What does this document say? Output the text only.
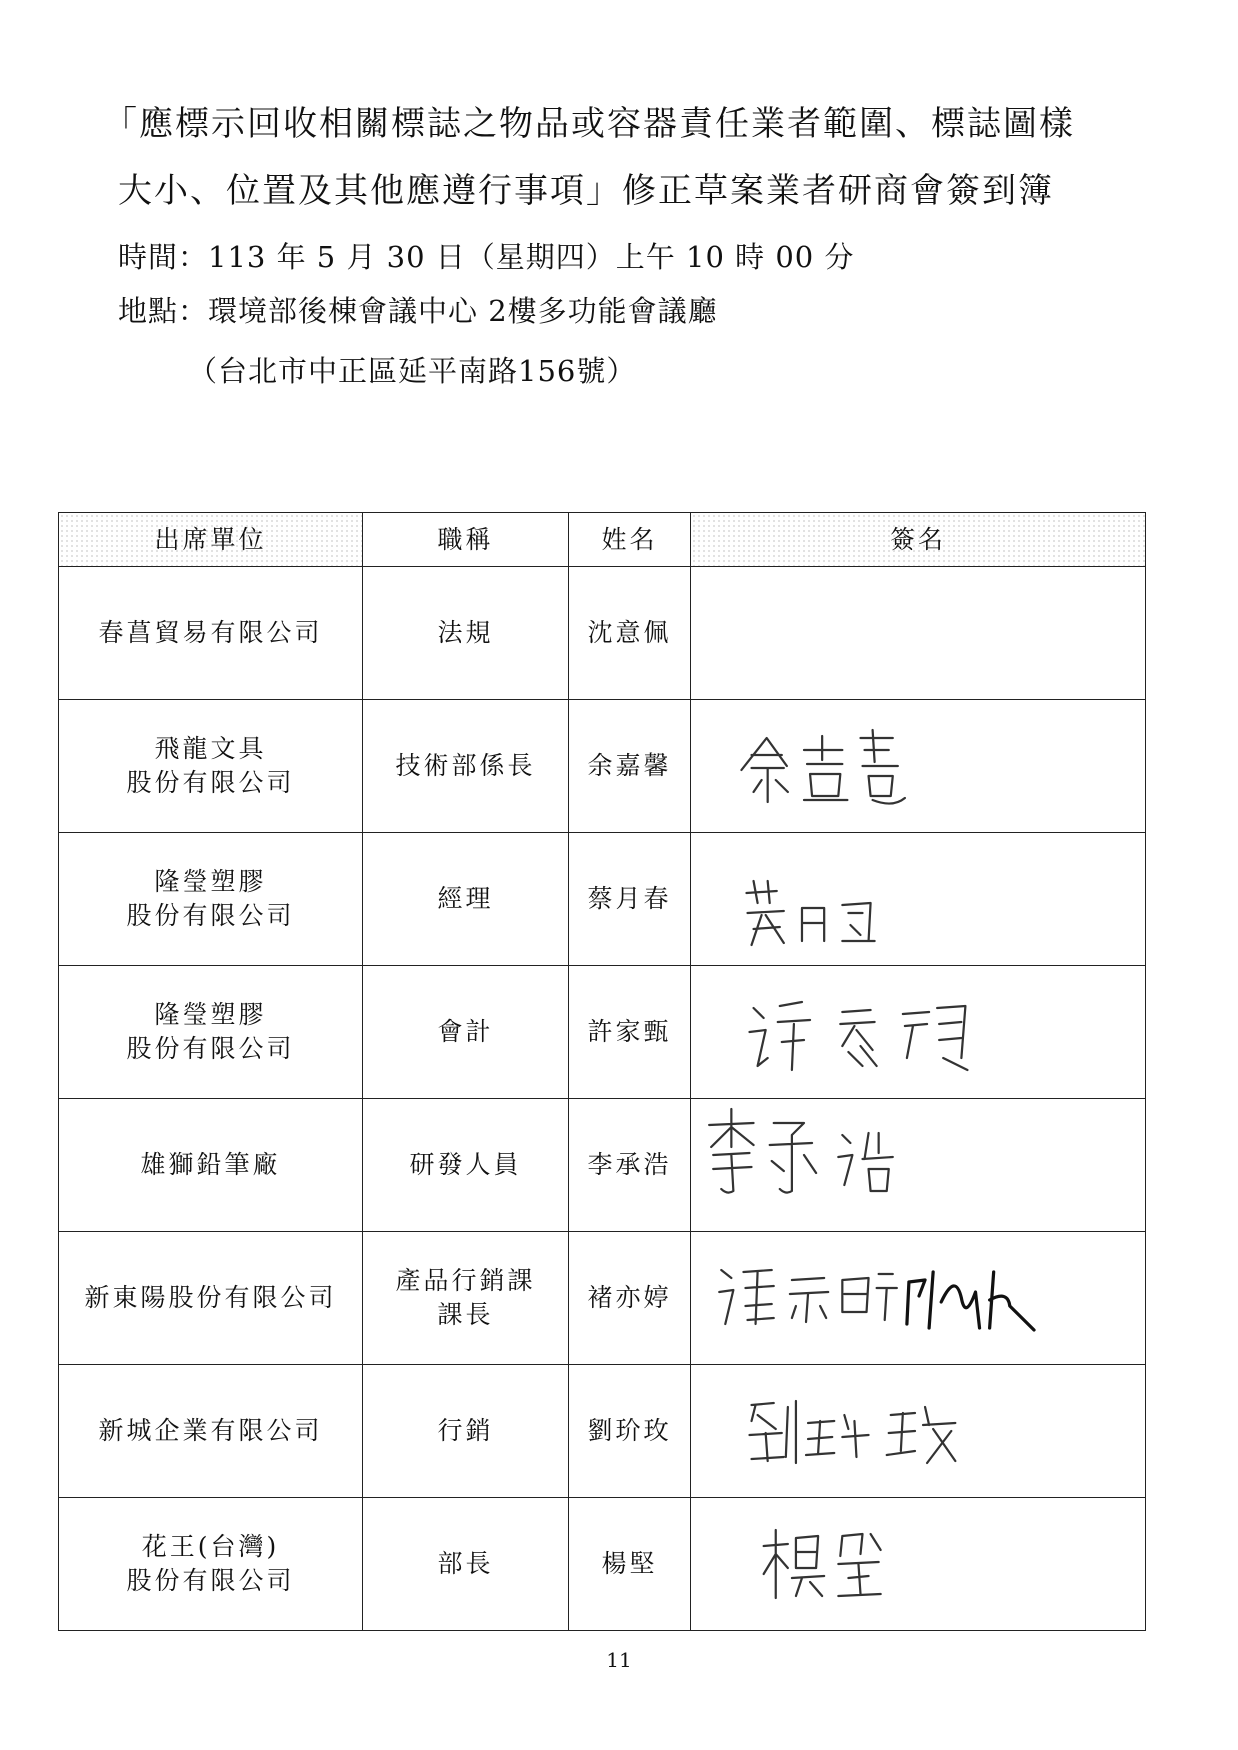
「應標示回收相關標誌之物品或容器責任業者範圍、標誌圖樣
大小、位置及其他應遵行事項」修正草案業者研商會簽到簿
時間：113 年 5 月 30 日（星期四）上午 10 時 00 分
地點：環境部後棟會議中心 2樓多功能會議廳
（台北市中正區延平南路156號）
出席單位	職稱	姓名	簽名
春菖貿易有限公司	法規	沈意佩	
飛龍文具
股份有限公司	技術部係長	余嘉馨	

隆瑩塑膠
股份有限公司	經理	蔡月春	

隆瑩塑膠
股份有限公司	會計	許家甄	

雄獅鉛筆廠	研發人員	李承浩	

新東陽股份有限公司	產品行銷課
課長	褚亦婷	

新城企業有限公司	行銷	劉玠玫	

花王(台灣)
股份有限公司	部長	楊堅	
11
